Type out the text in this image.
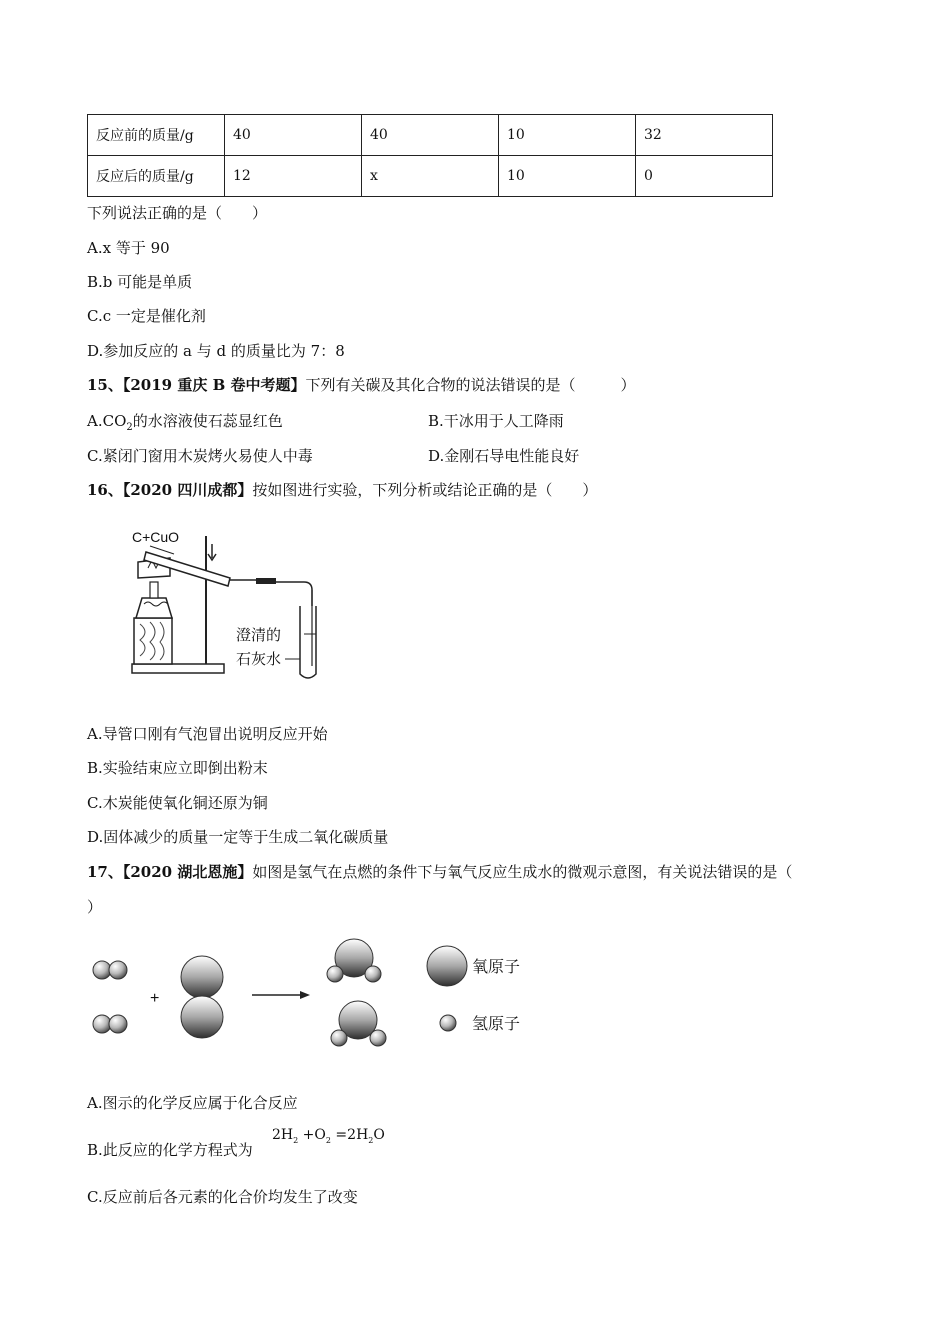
反应前的质量/g	40	40	10	32
反应后的质量/g	12	x	10	0
下列说法正确的是（　　）
A.x 等于 90
B.b 可能是单质
C.c 一定是催化剂
D.参加反应的 a 与 d 的质量比为 7：8
15、【2019 重庆 B 卷中考题】下列有关碳及其化合物的说法错误的是（　　　）
$A.CO_2$的水溶液使石蕊显红色	B.干冰用于人工降雨
C.紧闭门窗用木炭烤火易使人中毒	D.金刚石导电性能良好
16、【2020 四川成都】按如图进行实验，下列分析或结论正确的是（　　）
C+CuO
澄清的
石灰水
A.导管口刚有气泡冒出说明反应开始
B.实验结束应立即倒出粉末
C.木炭能使氧化铜还原为铜
D.固体减少的质量一定等于生成二氧化碳质量
17、【2020 湖北恩施】如图是氢气在点燃的条件下与氧气反应生成水的微观示意图，有关说法错误的是（
）
+
氧原子
氢原子
A.图示的化学反应属于化合反应
B.此反应的化学方程式为
$2H_2 +O_2 =2H_2O$
C.反应前后各元素的化合价均发生了改变
